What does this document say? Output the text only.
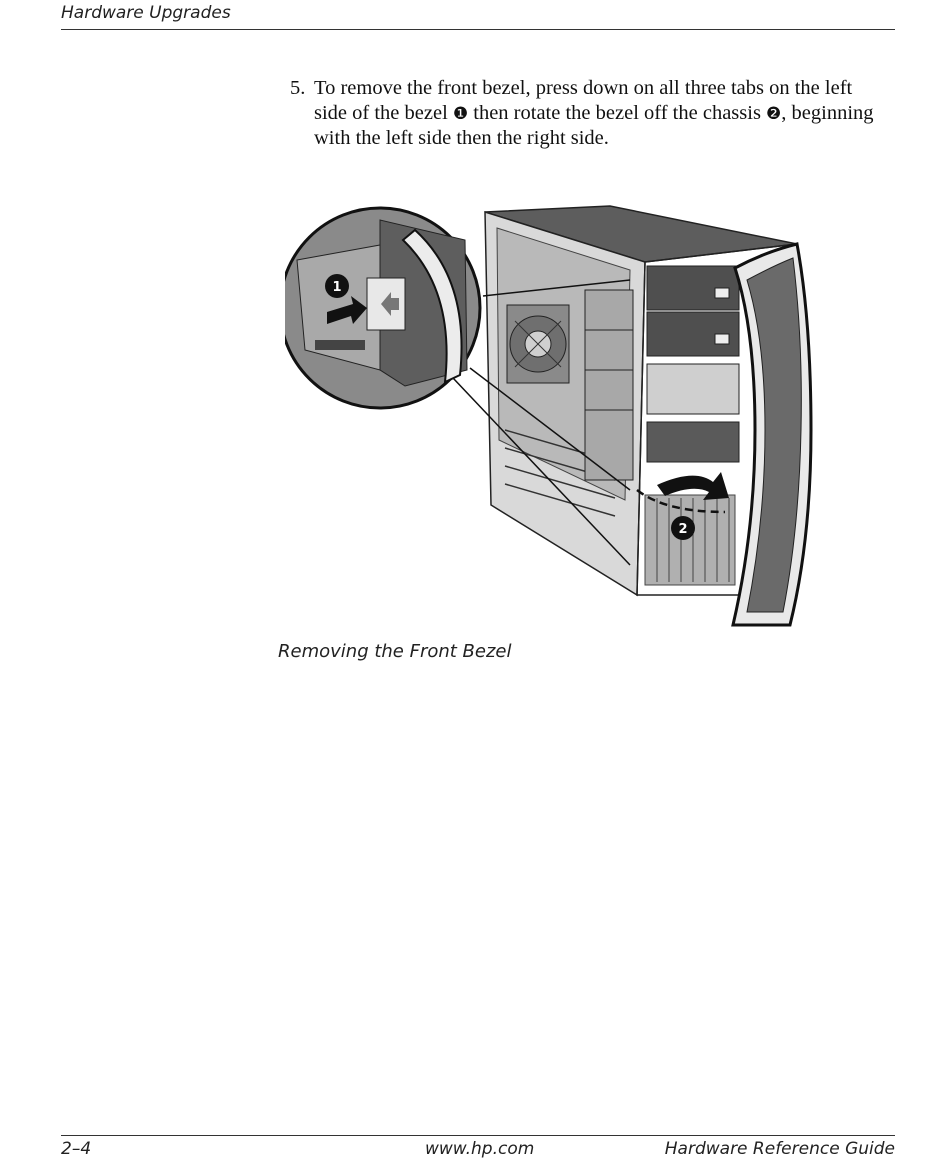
Hardware Upgrades
5. To remove the front bezel, press down on all three tabs on the left side of the bezel ❶ then rotate the bezel off the chassis ❷, beginning with the left side then the right side.
2
1
Removing the Front Bezel
2–4	www.hp.com	Hardware Reference Guide
